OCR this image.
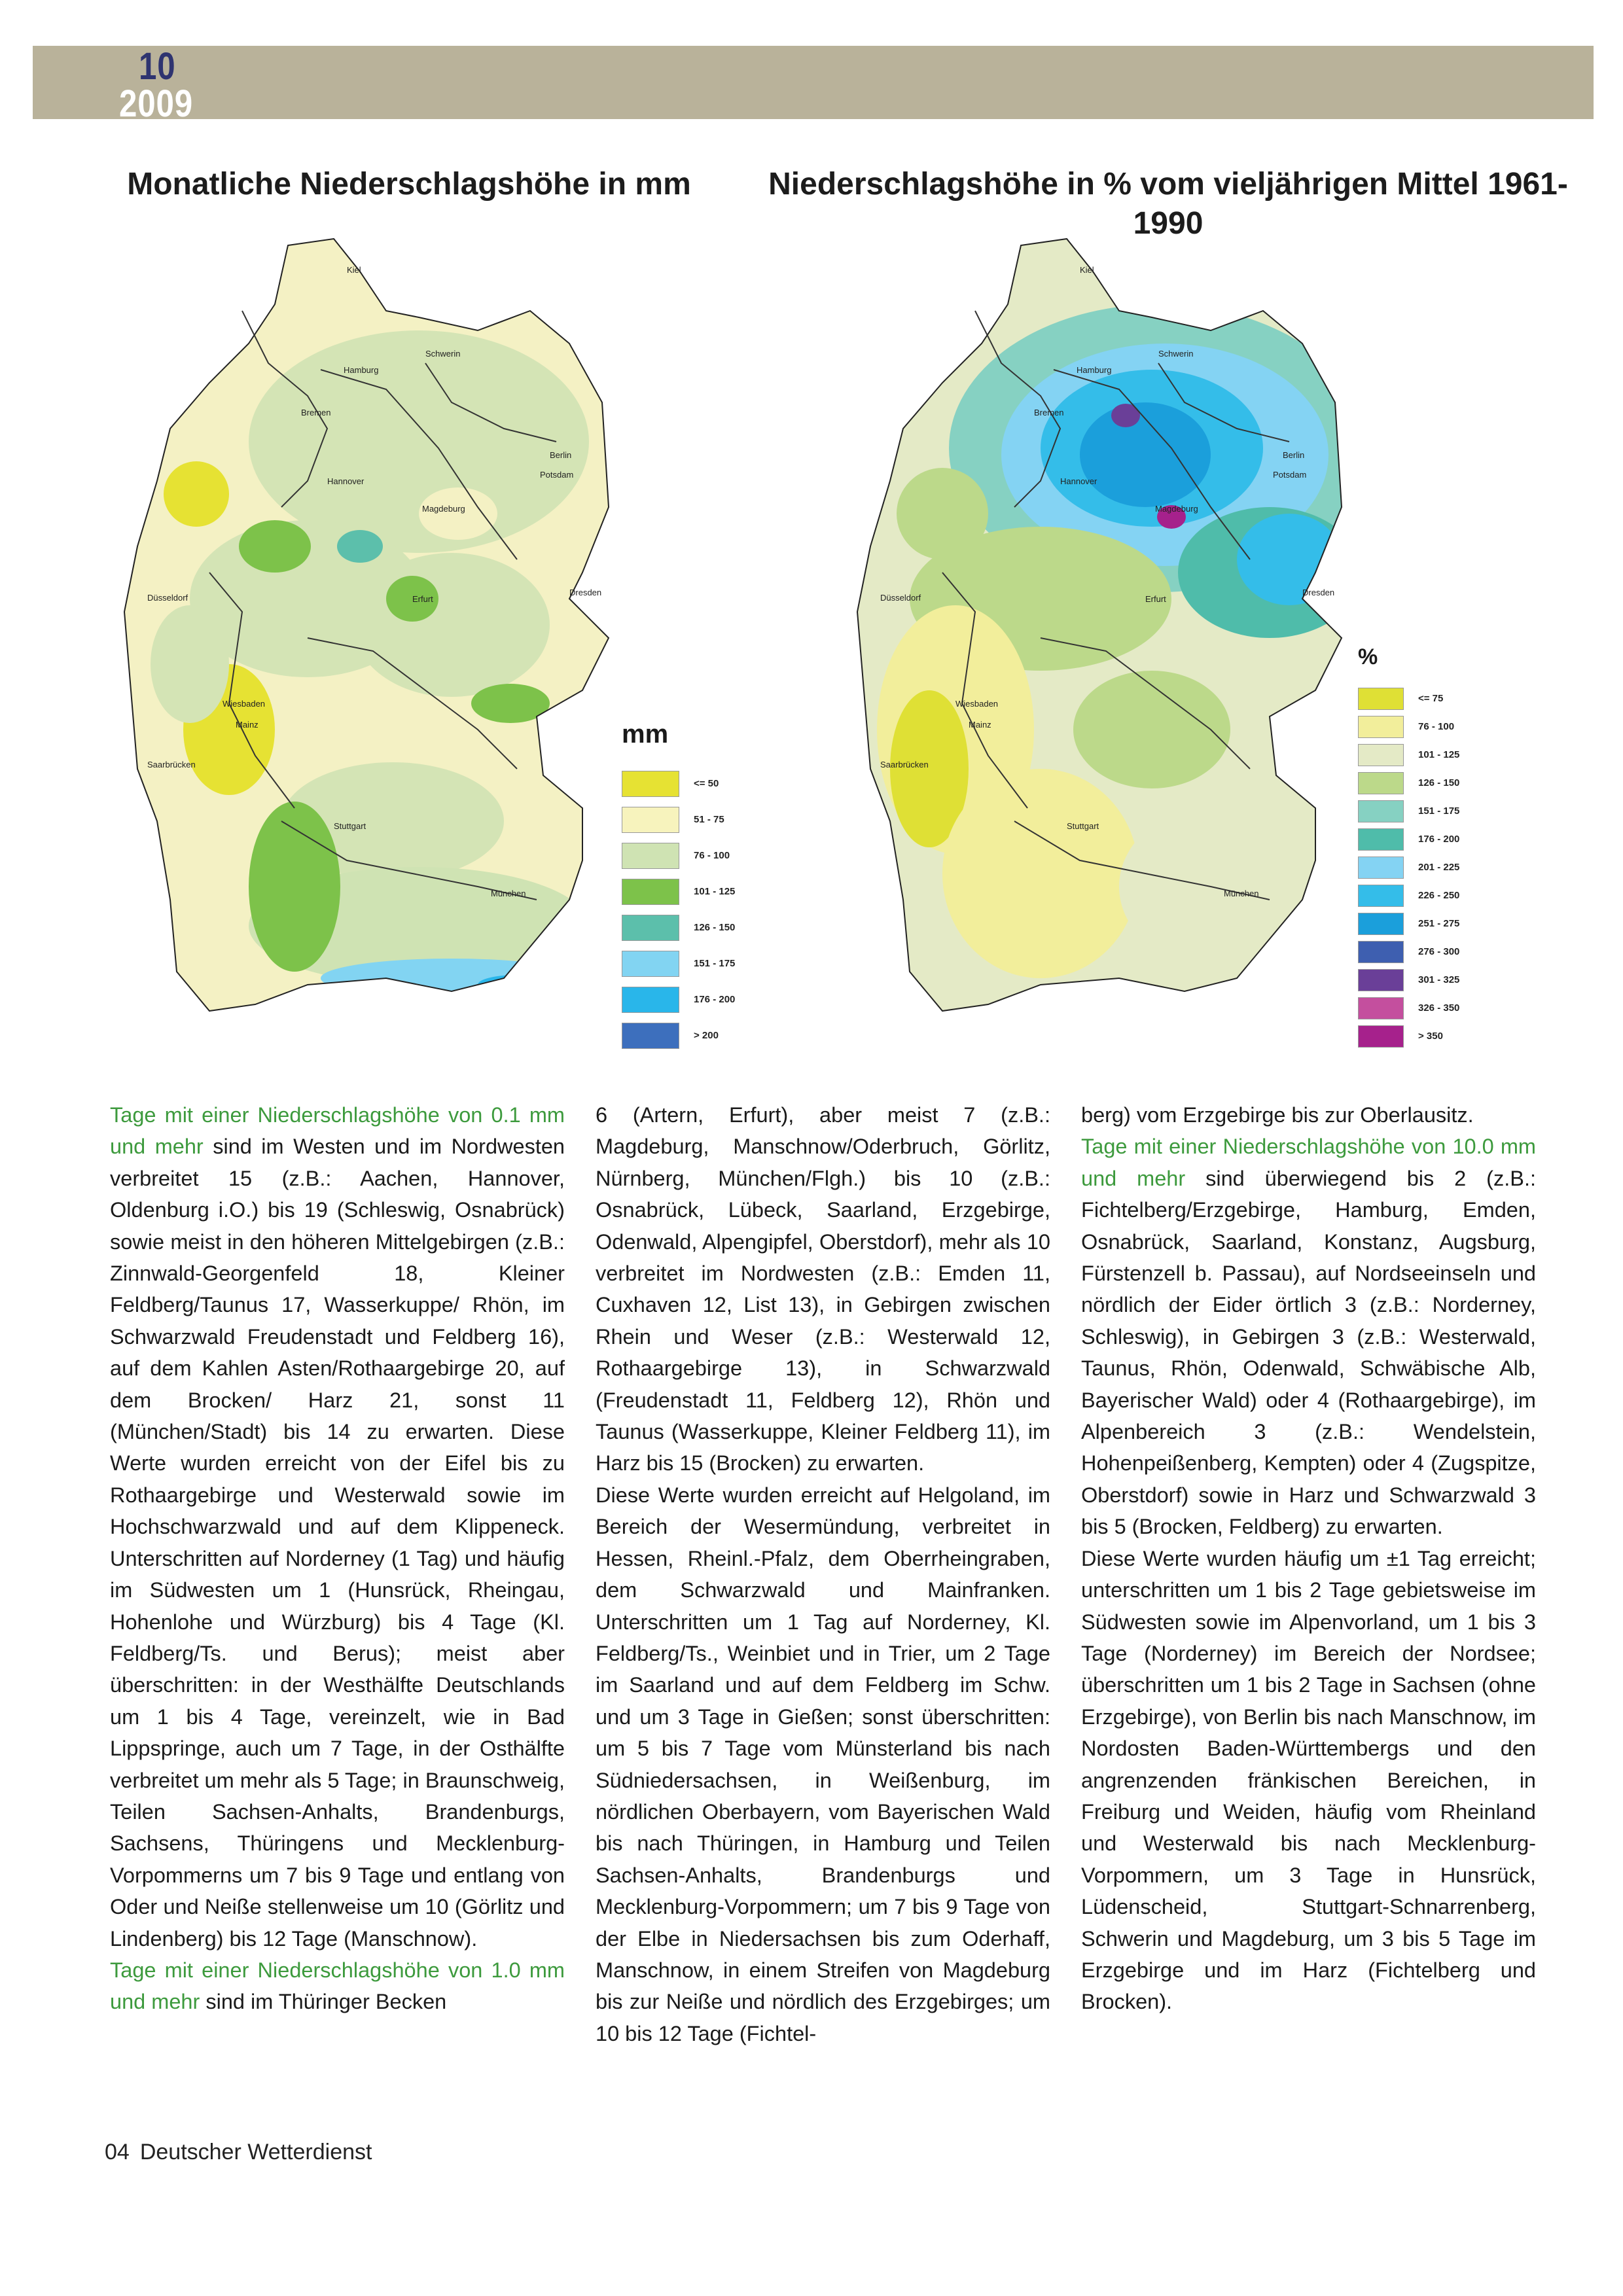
10
2009
Monatliche Niederschlagshöhe in mm	Niederschlagshöhe in % vom vieljährigen Mittel 1961-1990
Kiel
Hamburg
Schwerin
Bremen
Berlin
Potsdam
Hannover
Magdeburg
Düsseldorf	Erfurt
Dresden
Wiesbaden
Mainz
Saarbrücken
Stuttgart
München
mm
<= 50
51 - 75
76 - 100
101 - 125
126 - 150
151 - 175
176 - 200
> 200
Kiel
Hamburg
Schwerin
Bremen
Berlin
Potsdam
Hannover
Magdeburg
Düsseldorf	Erfurt
Dresden
Wiesbaden
Mainz
Saarbrücken
Stuttgart
München
%
<= 75
76 - 100
101 - 125
126 - 150
151 - 175
176 - 200
201 - 225
226 - 250
251 - 275
276 - 300
301 - 325
326 - 350
> 350

Tage mit einer Niederschlagshöhe von 0.1 mm und mehr sind im Westen und im Nordwesten verbreitet 15 (z.B.: Aachen, Hannover, Oldenburg i.O.) bis 19 (Schleswig, Osnabrück) sowie meist in den höheren Mittelgebirgen (z.B.: Zinnwald-Georgenfeld 18, Kleiner Feldberg/Taunus 17, Wasserkuppe/ Rhön, im Schwarzwald Freudenstadt und Feldberg 16), auf dem Kahlen Asten/Rothaargebirge 20, auf dem Brocken/ Harz 21, sonst 11 (München/Stadt) bis 14 zu erwarten. Diese Werte wurden erreicht von der Eifel bis zu Rothaargebirge und Westerwald sowie im Hochschwarzwald und auf dem Klippeneck. Unterschritten auf Norderney (1 Tag) und häufig im Südwesten um 1 (Hunsrück, Rheingau, Hohenlohe und Würzburg) bis 4 Tage (Kl. Feldberg/Ts. und Berus); meist aber überschritten: in der Westhälfte Deutschlands um 1 bis 4 Tage, vereinzelt, wie in Bad Lippspringe, auch um 7 Tage, in der Osthälfte verbreitet um mehr als 5 Tage; in Braunschweig, Teilen Sachsen-Anhalts, Brandenburgs, Sachsens, Thüringens und Mecklenburg-Vorpommerns um 7 bis 9 Tage und entlang von Oder und Neiße stellenweise um 10 (Görlitz und Lindenberg) bis 12 Tage (Manschnow).

Tage mit einer Niederschlagshöhe von 1.0 mm und mehr sind im Thüringer Becken

6 (Artern, Erfurt), aber meist 7 (z.B.: Magdeburg, Manschnow/Oderbruch, Görlitz, Nürnberg, München/Flgh.) bis 10 (z.B.: Osnabrück, Lübeck, Saarland, Erzgebirge, Odenwald, Alpengipfel, Oberstdorf), mehr als 10 verbreitet im Nordwesten (z.B.: Emden 11, Cuxhaven 12, List 13), in Gebirgen zwischen Rhein und Weser (z.B.: Westerwald 12, Rothaargebirge 13), in Schwarzwald (Freudenstadt 11, Feldberg 12), Rhön und Taunus (Wasserkuppe, Kleiner Feldberg 11), im Harz bis 15 (Brocken) zu erwarten.

Diese Werte wurden erreicht auf Helgoland, im Bereich der Wesermündung, verbreitet in Hessen, Rheinl.-Pfalz, dem Oberrheingraben, dem Schwarzwald und Mainfranken. Unterschritten um 1 Tag auf Norderney, Kl. Feldberg/Ts., Weinbiet und in Trier, um 2 Tage im Saarland und auf dem Feldberg im Schw. und um 3 Tage in Gießen; sonst überschritten: um 5 bis 7 Tage vom Münsterland bis nach Südniedersachsen, in Weißenburg, im nördlichen Oberbayern, vom Bayerischen Wald bis nach Thüringen, in Hamburg und Teilen Sachsen-Anhalts, Brandenburgs und Mecklenburg-Vorpommern; um 7 bis 9 Tage von der Elbe in Niedersachsen bis zum Oderhaff, Manschnow, in einem Streifen von Magdeburg bis zur Neiße und nördlich des Erzgebirges; um 10 bis 12 Tage (Fichtel-

berg) vom Erzgebirge bis zur Oberlausitz.

Tage mit einer Niederschlagshöhe von 10.0 mm und mehr sind überwiegend bis 2 (z.B.: Fichtelberg/Erzgebirge, Hamburg, Emden, Osnabrück, Saarland, Konstanz, Augsburg, Fürstenzell b. Passau), auf Nordseeinseln und nördlich der Eider örtlich 3 (z.B.: Norderney, Schleswig), in Gebirgen 3 (z.B.: Westerwald, Taunus, Rhön, Odenwald, Schwäbische Alb, Bayerischer Wald) oder 4 (Rothaargebirge), im Alpenbereich 3 (z.B.: Wendelstein, Hohenpeißenberg, Kempten) oder 4 (Zugspitze, Oberstdorf) sowie in Harz und Schwarzwald 3 bis 5 (Brocken, Feldberg) zu erwarten.

Diese Werte wurden häufig um ±1 Tag erreicht; unterschritten um 1 bis 2 Tage gebietsweise im Südwesten sowie im Alpenvorland, um 1 bis 3 Tage (Norderney) im Bereich der Nordsee; überschritten um 1 bis 2 Tage in Sachsen (ohne Erzgebirge), von Berlin bis nach Manschnow, im Nordosten Baden-Württembergs und den angrenzenden fränkischen Bereichen, in Freiburg und Weiden, häufig vom Rheinland und Westerwald bis nach Mecklenburg-Vorpommern, um 3 Tage in Hunsrück, Lüdenscheid, Stuttgart-Schnarrenberg, Schwerin und Magdeburg, um 3 bis 5 Tage im Erzgebirge und im Harz (Fichtelberg und Brocken).

04 Deutscher Wetterdienst
